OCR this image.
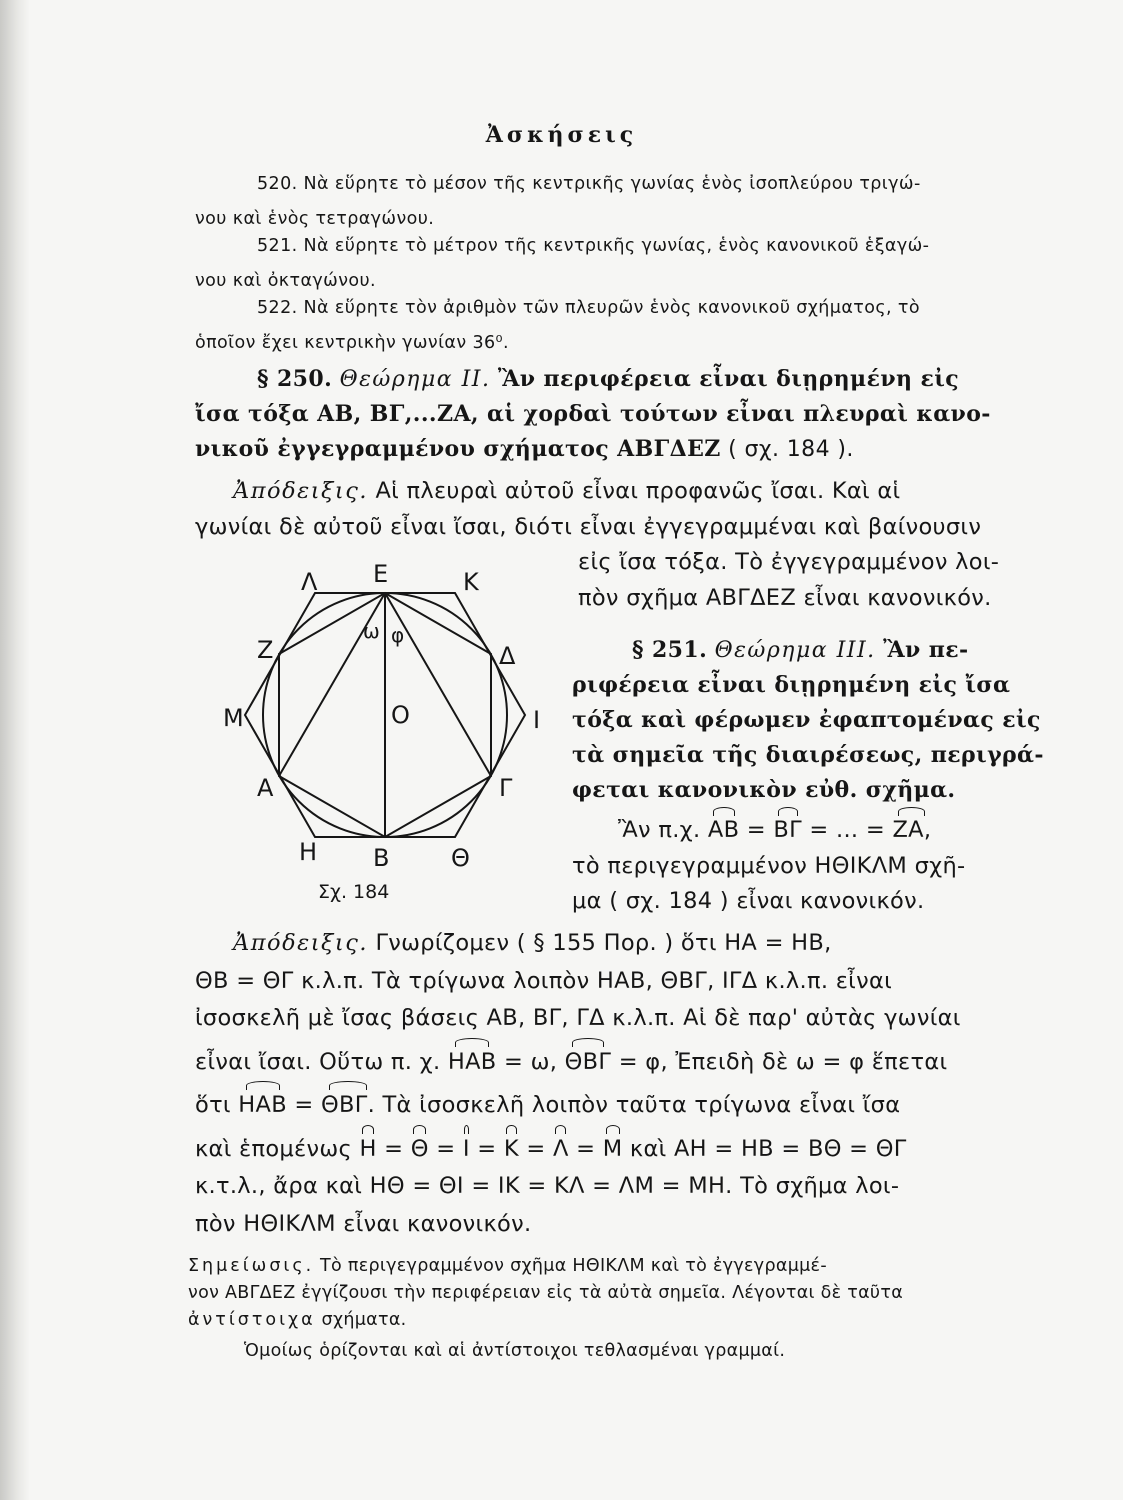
Ἀσκήσεις
520. Νὰ εὕρητε τὸ μέσον τῆς κεντρικῆς γωνίας ἑνὸς ἰσοπλεύρου τριγώ-
νου καὶ ἑνὸς τετραγώνου.
521. Νὰ εὕρητε τὸ μέτρον τῆς κεντρικῆς γωνίας, ἑνὸς κανονικοῦ ἑξαγώ-
νου καὶ ὀκταγώνου.
522. Νὰ εὕρητε τὸν ἀριθμὸν τῶν πλευρῶν ἑνὸς κανονικοῦ σχήματος, τὸ
ὁποῖον ἔχει κεντρικὴν γωνίαν 36⁰.
§ 250. Θεώρημα II. Ἂν περιφέρεια εἶναι διῃρημένη εἰς
ἴσα τόξα ΑΒ, ΒΓ,...ΖΑ, αἱ χορδαὶ τούτων εἶναι πλευραὶ κανο-
νικοῦ ἐγγεγραμμένου σχήματος ΑΒΓΔΕΖ ( σχ. 184 ).
Ἀπόδειξις. Αἱ πλευραὶ αὐτοῦ εἶναι προφανῶς ἴσαι. Καὶ αἱ
γωνίαι δὲ αὐτοῦ εἶναι ἴσαι, διότι εἶναι ἐγγεγραμμέναι καὶ βαίνουσιν
εἰς ἴσα τόξα. Τὸ ἐγγεγραμμένον λοι-
πὸν σχῆμα ΑΒΓΔΕΖ εἶναι κανονικόν.
§ 251. Θεώρημα III. Ἂν πε-
ριφέρεια εἶναι διῃρημένη εἰς ἴσα
τόξα καὶ φέρωμεν ἐφαπτομένας εἰς
τὰ σημεῖα τῆς διαιρέσεως, περιγρά-
φεται κανονικὸν εὐθ. σχῆμα.
Ἂν π.χ. ΑΒ = ΒΓ = ... = ΖΑ,
τὸ περιγεγραμμένον ΗΘΙΚΛΜ σχῆ-
μα ( σχ. 184 ) εἶναι κανονικόν.
Ε	Κ
Λ
Ζ	Δ
Μ	Ι
Ο
Α	Γ
Η Β	Θ
ω φ
Σχ. 184
Ἀπόδειξις. Γνωρίζομεν ( § 155 Πορ. ) ὅτι ΗΑ = ΗΒ,
ΘΒ = ΘΓ κ.λ.π. Τὰ τρίγωνα λοιπὸν ΗΑΒ, ΘΒΓ, ΙΓΔ κ.λ.π. εἶναι
ἰσοσκελῆ μὲ ἴσας βάσεις ΑΒ, ΒΓ, ΓΔ κ.λ.π. Αἱ δὲ παρ' αὐτὰς γωνίαι
εἶναι ἴσαι. Οὕτω π. χ. ΗΑΒ = ω, ΘΒΓ = φ, Ἐπειδὴ δὲ ω = φ ἕπεται
ὅτι ΗΑΒ = ΘΒΓ. Τὰ ἰσοσκελῆ λοιπὸν ταῦτα τρίγωνα εἶναι ἴσα
καὶ ἑπομένως Η = Θ = Ι = Κ = Λ = Μ καὶ ΑΗ = ΗΒ = ΒΘ = ΘΓ
κ.τ.λ., ἄρα καὶ ΗΘ = ΘΙ = ΙΚ = ΚΛ = ΛΜ = ΜΗ. Τὸ σχῆμα λοι-
πὸν ΗΘΙΚΛΜ εἶναι κανονικόν.
Σημείωσις. Τὸ περιγεγραμμένον σχῆμα ΗΘΙΚΛΜ καὶ τὸ ἐγγεγραμμέ-
νον ΑΒΓΔΕΖ ἐγγίζουσι τὴν περιφέρειαν εἰς τὰ αὐτὰ σημεῖα. Λέγονται δὲ ταῦτα
ἀντίστοιχα σχήματα.
Ὁμοίως ὁρίζονται καὶ αἱ ἀντίστοιχοι τεθλασμέναι γραμμαί.
